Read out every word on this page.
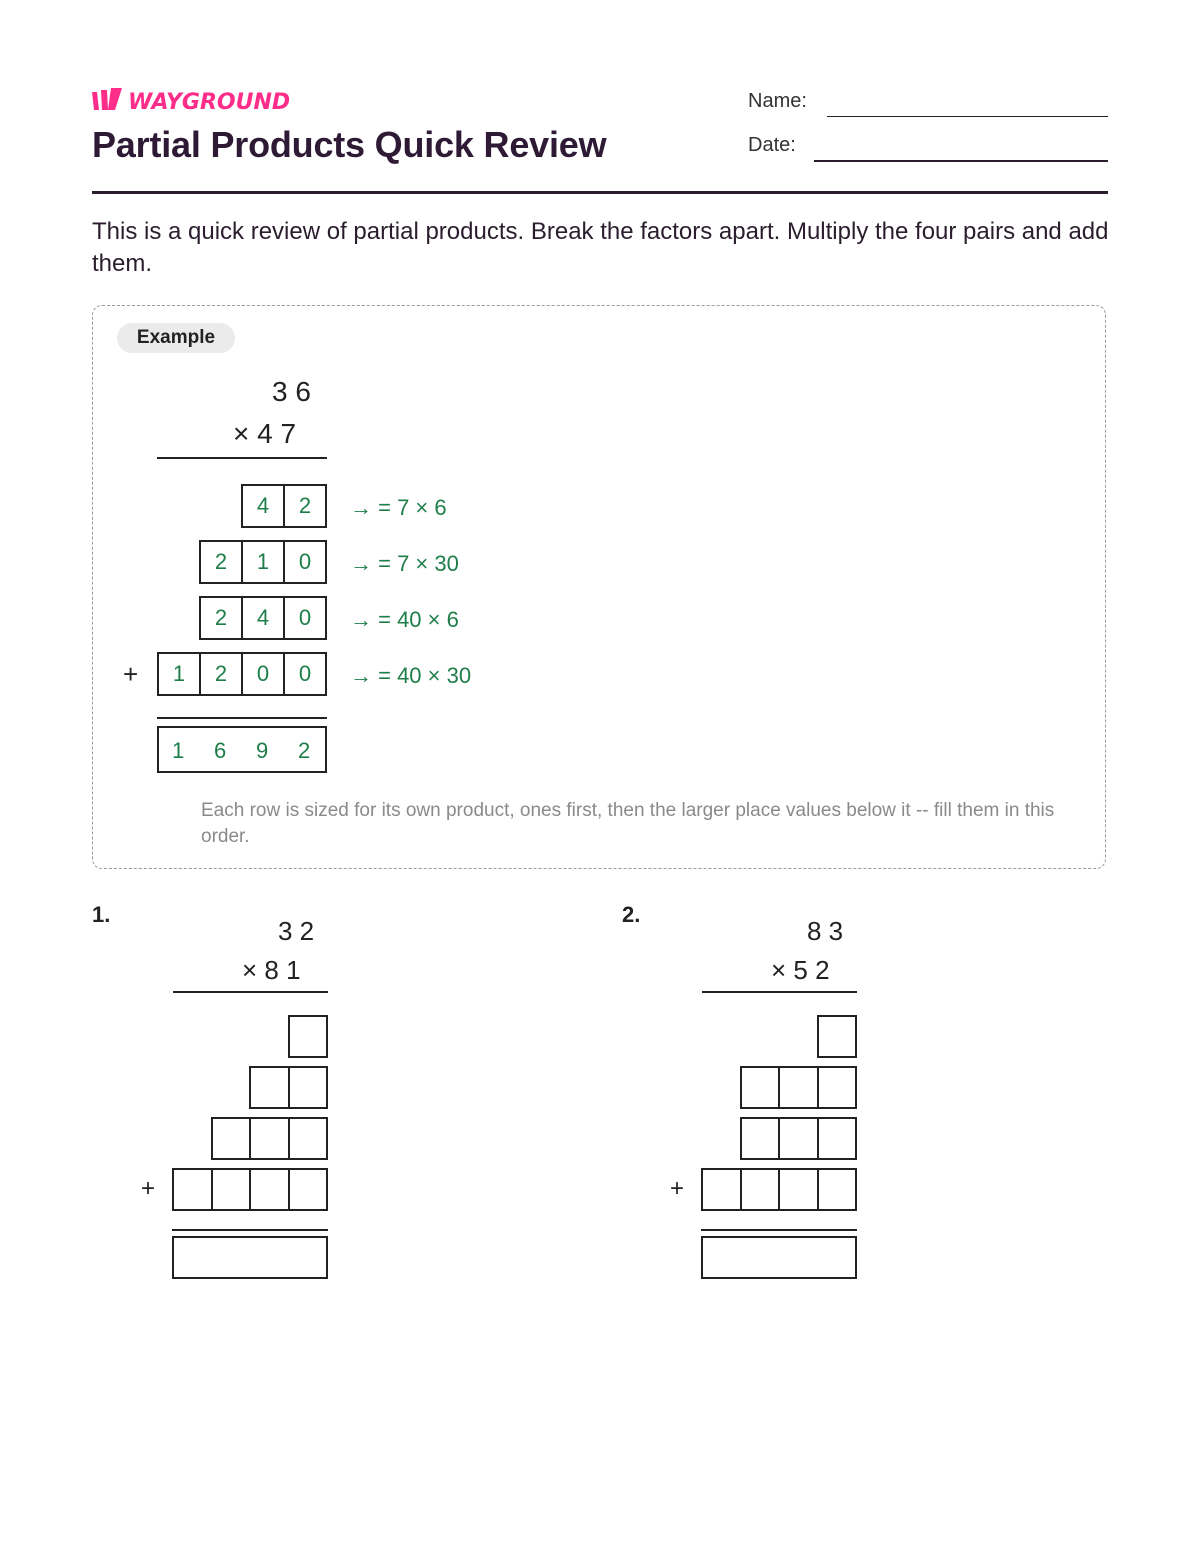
WAYGROUND
Partial Products Quick Review
Name:
Date:
This is a quick review of partial products. Break the factors apart. Multiply the four pairs and add them.
Example
3 6
× 4 7
4	2	→ = 7 × 6
2	1	0	→ = 7 × 30
2	4	0	→ = 40 × 6
+	1	2	0	0	→ = 40 × 30
1 6 9 2
Each row is sized for its own product, ones first, then the larger place values below it -- fill them in this order.
1.
3 2
× 8 1
+
2.
8 3
× 5 2
+
